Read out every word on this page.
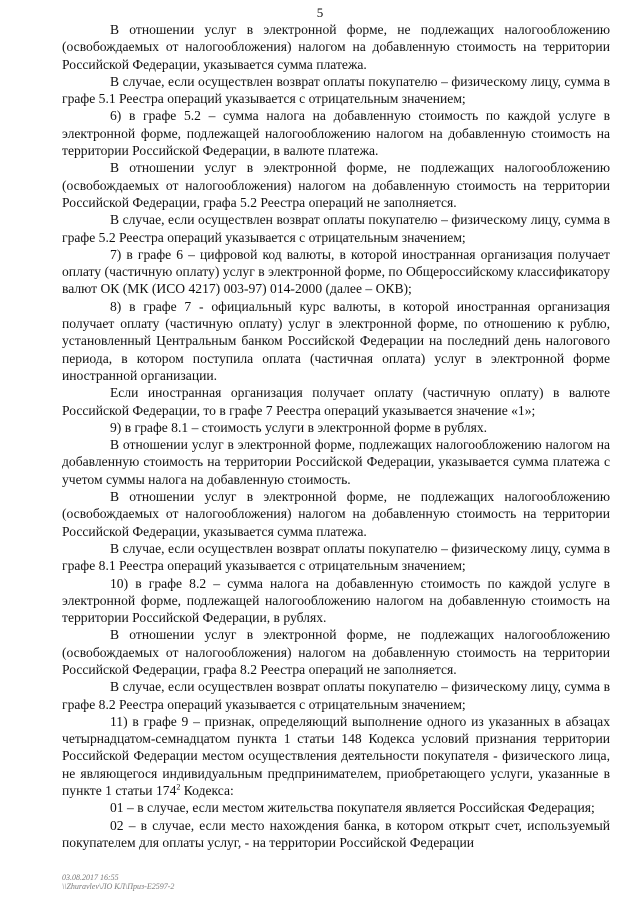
5

В отношении услуг в электронной форме, не подлежащих налогообложению (освобождаемых от налогообложения) налогом на добавленную стоимость на территории Российской Федерации, указывается сумма платежа.

В случае, если осуществлен возврат оплаты покупателю – физическому лицу, сумма в графе 5.1 Реестра операций указывается с отрицательным значением;

6) в графе 5.2 – сумма налога на добавленную стоимость по каждой услуге в электронной форме, подлежащей налогообложению налогом на добавленную стоимость на территории Российской Федерации, в валюте платежа.

В отношении услуг в электронной форме, не подлежащих налогообложению (освобождаемых от налогообложения) налогом на добавленную стоимость на территории Российской Федерации, графа 5.2 Реестра операций не заполняется.

В случае, если осуществлен возврат оплаты покупателю – физическому лицу, сумма в графе 5.2 Реестра операций указывается с отрицательным значением;

7) в графе 6 – цифровой код валюты, в которой иностранная организация получает оплату (частичную оплату) услуг в электронной форме, по Общероссийскому классификатору валют ОК (МК (ИСО 4217) 003-97) 014-2000 (далее – ОКВ);

8) в графе 7 - официальный курс валюты, в которой иностранная организация получает оплату (частичную оплату) услуг в электронной форме, по отношению к рублю, установленный Центральным банком Российской Федерации на последний день налогового периода, в котором поступила оплата (частичная оплата) услуг в электронной форме иностранной организации.

Если иностранная организация получает оплату (частичную оплату) в валюте Российской Федерации, то в графе 7 Реестра операций указывается значение «1»;

9) в графе 8.1 – стоимость услуги в электронной форме в рублях.

В отношении услуг в электронной форме, подлежащих налогообложению налогом на добавленную стоимость на территории Российской Федерации, указывается сумма платежа с учетом суммы налога на добавленную стоимость.

В отношении услуг в электронной форме, не подлежащих налогообложению (освобождаемых от налогообложения) налогом на добавленную стоимость на территории Российской Федерации, указывается сумма платежа.

В случае, если осуществлен возврат оплаты покупателю – физическому лицу, сумма в графе 8.1 Реестра операций указывается с отрицательным значением;

10) в графе 8.2 – сумма налога на добавленную стоимость по каждой услуге в электронной форме, подлежащей налогообложению налогом на добавленную стоимость на территории Российской Федерации, в рублях.

В отношении услуг в электронной форме, не подлежащих налогообложению (освобождаемых от налогообложения) налогом на добавленную стоимость на территории Российской Федерации, графа 8.2 Реестра операций не заполняется.

В случае, если осуществлен возврат оплаты покупателю – физическому лицу, сумма в графе 8.2 Реестра операций указывается с отрицательным значением;

11) в графе 9 – признак, определяющий выполнение одного из указанных в абзацах четырнадцатом-семнадцатом пункта 1 статьи 148 Кодекса условий признания территории Российской Федерации местом осуществления деятельности покупателя - физического лица, не являющегося индивидуальным предпринимателем, приобретающего услуги, указанные в пункте 1 статьи $174^2$ Кодекса:

01 – в случае, если местом жительства покупателя является Российская Федерация;

02 – в случае, если место нахождения банка, в котором открыт счет, используемый покупателем для оплаты услуг, - на территории Российской Федерации

03.08.2017 16:55
\\Zhuravlev\ЛО КЛ\Приз-Е2597-2
